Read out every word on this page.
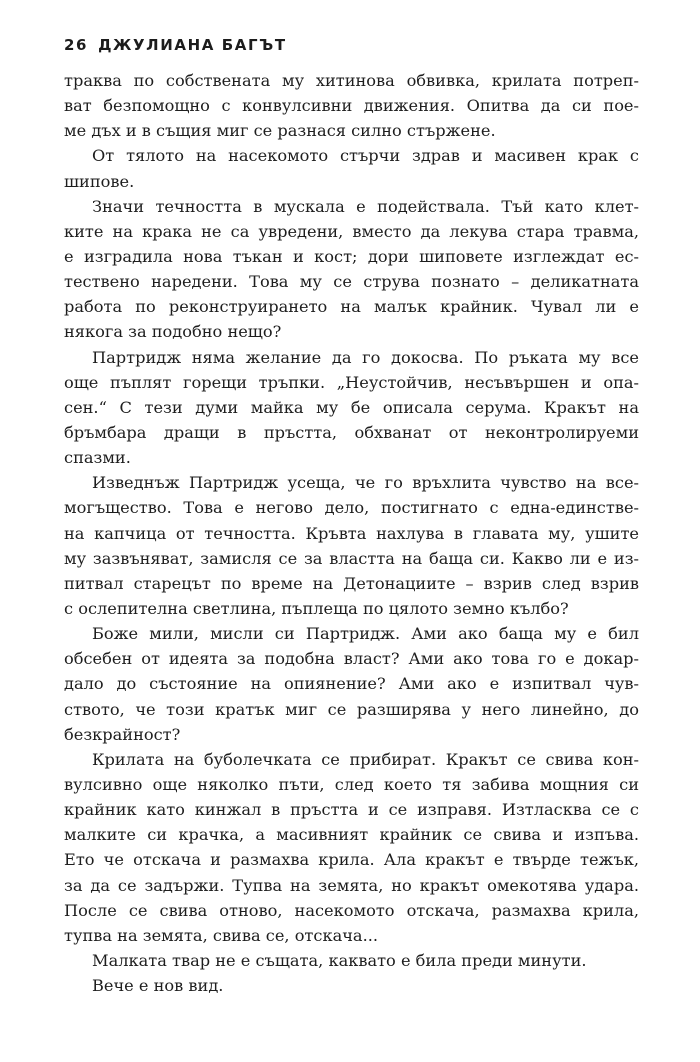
26 ДЖУЛИАНА БАГЪТ
траква по собствената му хитинова обвивка, крилата потреп-
ват безпомощно с конвулсивни движения. Опитва да си пое-
ме дъх и в същия миг се разнася силно стържене.
От тялото на насекомото стърчи здрав и масивен крак с
шипове.
Значи течността в мускала е подействала. Тъй като клет-
ките на крака не са увредени, вместо да лекува стара травма,
е изградила нова тъкан и кост; дори шиповете изглеждат ес-
тествено наредени. Това му се струва познато – деликатната
работа по реконструирането на малък крайник. Чувал ли е
някога за подобно нещо?
Партридж няма желание да го докосва. По ръката му все
още пъплят горещи тръпки. „Неустойчив, несъвършен и опа-
сен.“ С тези думи майка му бе описала серума. Кракът на
бръмбара дращи в пръстта, обхванат от неконтролируеми
спазми.
Изведнъж Партридж усеща, че го връхлита чувство на все-
могъщество. Това е негово дело, постигнато с една-единстве-
на капчица от течността. Кръвта нахлува в главата му, ушите
му зазвъняват, замисля се за властта на баща си. Какво ли е из-
питвал старецът по време на Детонациите – взрив след взрив
с ослепителна светлина, пъплеща по цялото земно кълбо?
Боже мили, мисли си Партридж. Ами ако баща му е бил
обсебен от идеята за подобна власт? Ами ако това го е докар-
дало до състояние на опиянение? Ами ако е изпитвал чув-
ството, че този кратък миг се разширява у него линейно, до
безкрайност?
Крилата на буболечката се прибират. Кракът се свива кон-
вулсивно още няколко пъти, след което тя забива мощния си
крайник като кинжал в пръстта и се изправя. Изтласква се с
малките си крачка, а масивният крайник се свива и изпъва.
Ето че отскача и размахва крила. Ала кракът е твърде тежък,
за да се задържи. Тупва на земята, но кракът омекотява удара.
После се свива отново, насекомото отскача, размахва крила,
тупва на земята, свива се, отскача...
Малката твар не е същата, каквато е била преди минути.
Вече е нов вид.
